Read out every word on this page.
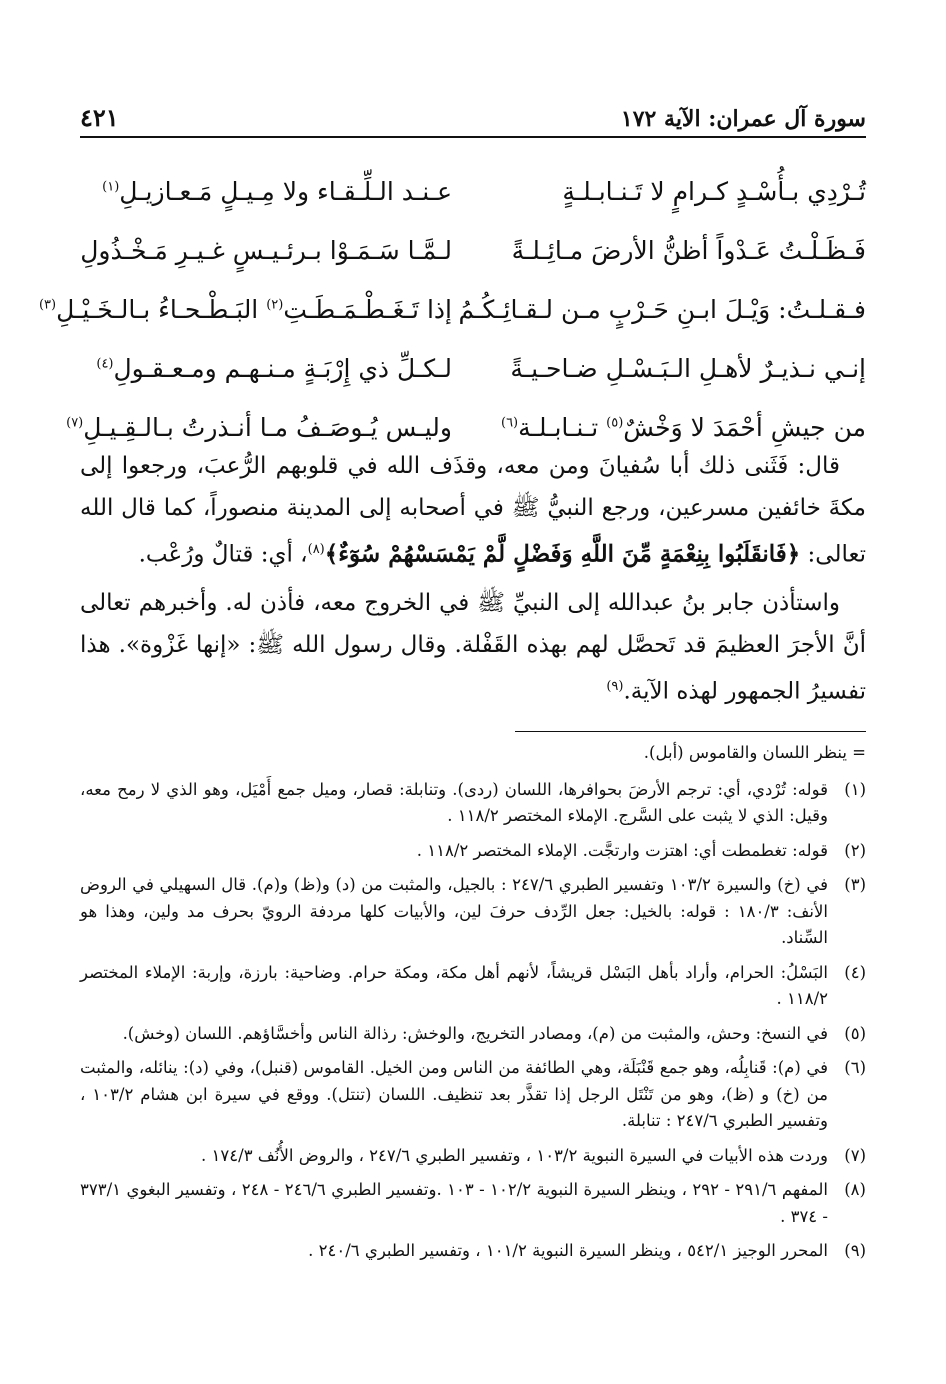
سورة آل عمران: الآية ١٧٢
٤٢١
تُـرْدِي بـأُسْـدٍ كـرامٍ لا تَـنـابـلـةٍ
عـنـد الـلِّـقـاء ولا مِـيـلٍ مَـعـازيـلِ$^{(١)}$
فَـظَـلْـتُ عَـدْواً أظنُّ الأرضَ مـائِـلـةً
لـمَّـا سَـمَـوْا بـرئـيـسٍ غـيـرِ مَـخْـذُولِ
فـقـلـتُ: وَيْـلَ ابـنِ حَـرْبٍ مـن لـقـائِـكُـمُ
إذا تَـغَـطْـمَـطَـتِ$^{(٢)}$ البَـطْـحـاءُ بـالـخَـيْـلِ$^{(٣)}$
إنـي نـذيـرٌ لأهـلِ الـبَـسْـلِ ضـاحـيـةً
لـكـلِّ ذي إِرْبَـةٍ مـنـهـم ومـعـقـولِ$^{(٤)}$
من جيشِ أحْمَدَ لا وَخْشٌ$^{(٥)}$ تـنـابـلـة$^{(٦)}$
وليـس يُـوصَـفُ مـا أنـذرتُ بـالـقِـيـلِ$^{(٧)}$

قال: فَثَنى ذلك أبا سُفيانَ ومن معه، وقذَف الله في قلوبهم الرُّعبَ، ورجعوا إلى مكةَ خائفين مسرعين، ورجع النبيُّ ﷺ في أصحابه إلى المدينة منصوراً، كما قال الله تعالى: ﴿فَانقَلَبُوا بِنِعْمَةٍ مِّنَ اللَّهِ وَفَضْلٍ لَّمْ يَمْسَسْهُمْ سُوٓءٌ﴾$^{(٨)}$، أي: قتالٌ ورُعْب.

واستأذن جابر بنُ عبدالله إلى النبيِّ ﷺ في الخروج معه، فأذن له. وأخبرهم تعالى أنَّ الأجرَ العظيمَ قد تَحصَّل لهم بهذه القَفْلة. وقال رسول الله ﷺ: «إنها غَزْوة». هذا تفسيرُ الجمهور لهذه الآية.$^{(٩)}$

= ينظر اللسان والقاموس (أبل).

(١)قوله: تُرْدي، أي: ترجم الأرضَ بحوافرها، اللسان (ردى). وتنابلة: قصار، وميل جمع أَمْيَل، وهو الذي لا رمح معه، وقيل: الذي لا يثبت على السَّرج. الإملاء المختصر ١١٨/٢ .

(٢)قوله: تغطمطت أي: اهتزت وارتجَّت. الإملاء المختصر ١١٨/٢ .

(٣)في (خ) والسيرة ١٠٣/٢ وتفسير الطبري ٢٤٧/٦ : بالجيل، والمثبت من (د) و(ظ) و(م). قال السهيلي في الروض الأنف: ١٨٠/٣ : قوله: بالخيل: جعل الرِّدف حرفَ لين، والأبيات كلها مردفة الرويّ بحرف مد ولين، وهذا هو السِّناد.

(٤)البَسْلُ: الحرام، وأراد بأهل البَسْل قريشاً، لأنهم أهل مكة، ومكة حرام. وضاحية: بارزة، وإربة: الإملاء المختصر ١١٨/٢ .

(٥)في النسخ: وحش، والمثبت من (م)، ومصادر التخريج، والوخش: رذالة الناس وأخسَّاؤهم. اللسان (وخش).

(٦)في (م): قَنابِلُه، وهو جمع قَنْبَلَة، وهي الطائفة من الناس ومن الخيل. القاموس (قنبل)، وفي (د): ينائله، والمثبت من (خ) و (ظ)، وهو من تَنْتَل الرجل إذا تقذَّر بعد تنظيف. اللسان (تنتل). ووقع في سيرة ابن هشام ١٠٣/٢ ، وتفسير الطبري ٢٤٧/٦ : تنابلة.

(٧)وردت هذه الأبيات في السيرة النبوية ١٠٣/٢ ، وتفسير الطبري ٢٤٧/٦ ، والروض الأُنُف ١٧٤/٣ .

(٨)المفهم ٢٩١/٦ - ٢٩٢ ، وينظر السيرة النبوية ١٠٢/٢ - ١٠٣ .وتفسير الطبري ٢٤٦/٦ - ٢٤٨ ، وتفسير البغوي ٣٧٣/١ - ٣٧٤ .

(٩)المحرر الوجيز ٥٤٢/١ ، وينظر السيرة النبوية ١٠١/٢ ، وتفسير الطبري ٢٤٠/٦ .
